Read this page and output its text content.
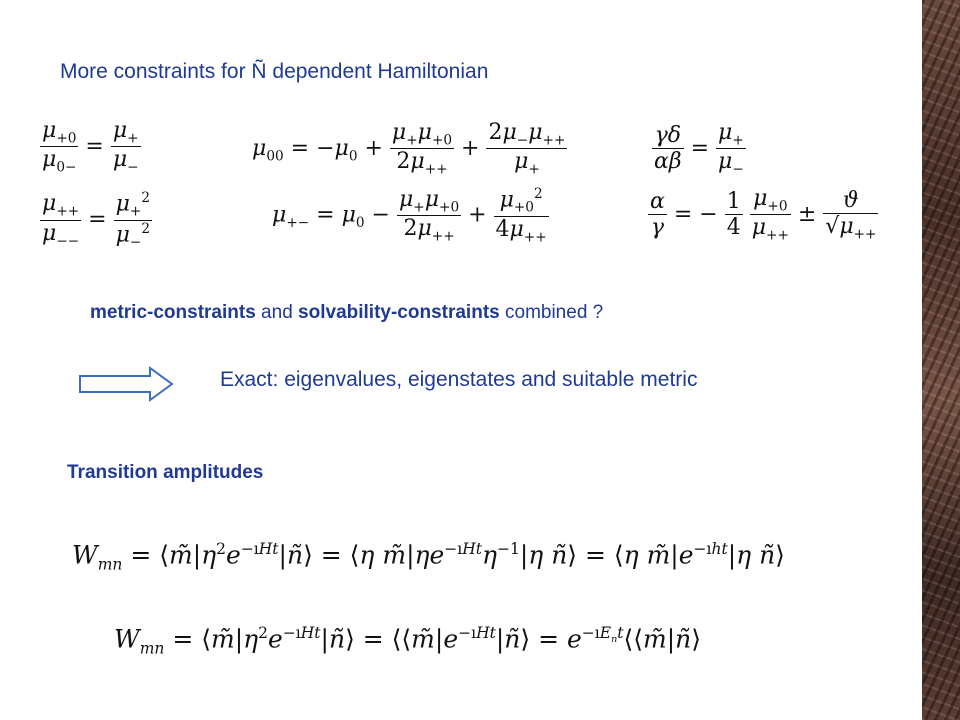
More constraints for Ñ dependent Hamiltonian
$\frac{\mu_{+0}}{\mu_{0-}} = \frac{\mu_+}{\mu_-}$
$\frac{\mu_{++}}{\mu_{--}} = \frac{\mu_+^2}{\mu_-^2}$
$\mu_{00} = -\mu_0 + \frac{\mu_+\mu_{+0}}{2\mu_{++}} + \frac{2\mu_-\mu_{++}}{\mu_+}$
$\mu_{+-} = \mu_0 - \frac{\mu_+\mu_{+0}}{2\mu_{++}} + \frac{\mu_{+0}^2}{4\mu_{++}}$
$\frac{\gamma\delta}{\alpha\beta} = \frac{\mu_+}{\mu_-}$
$\frac{\alpha}{\gamma}$ = − $\frac{1}{4}$
$\frac{\mu_{+0}}{\mu_{++}} \pm \frac{ϑ}{√\mu_{++}}$
metric-constraints and solvability-constraints combined ?
Exact: eigenvalues, eigenstates and suitable metric
Transition amplitudes
$W_{mn}$ = $⟨m̃|\eta^2e^{-ıHt}|ñ⟩$ = ⟨η $m̃|\eta e^{-ıHt}\eta^{-1}|\eta$ ñ⟩ = ⟨η $m̃|e^{-ıht}|\eta$ ñ⟩
$W_{mn}$ = $⟨m̃|\eta^2e^{-ıHt}|ñ⟩$ = $⟨⟨m̃|e^{-ıHt}|ñ⟩$ = $e^{-ıE_nt}⟨⟨m̃|ñ⟩$
